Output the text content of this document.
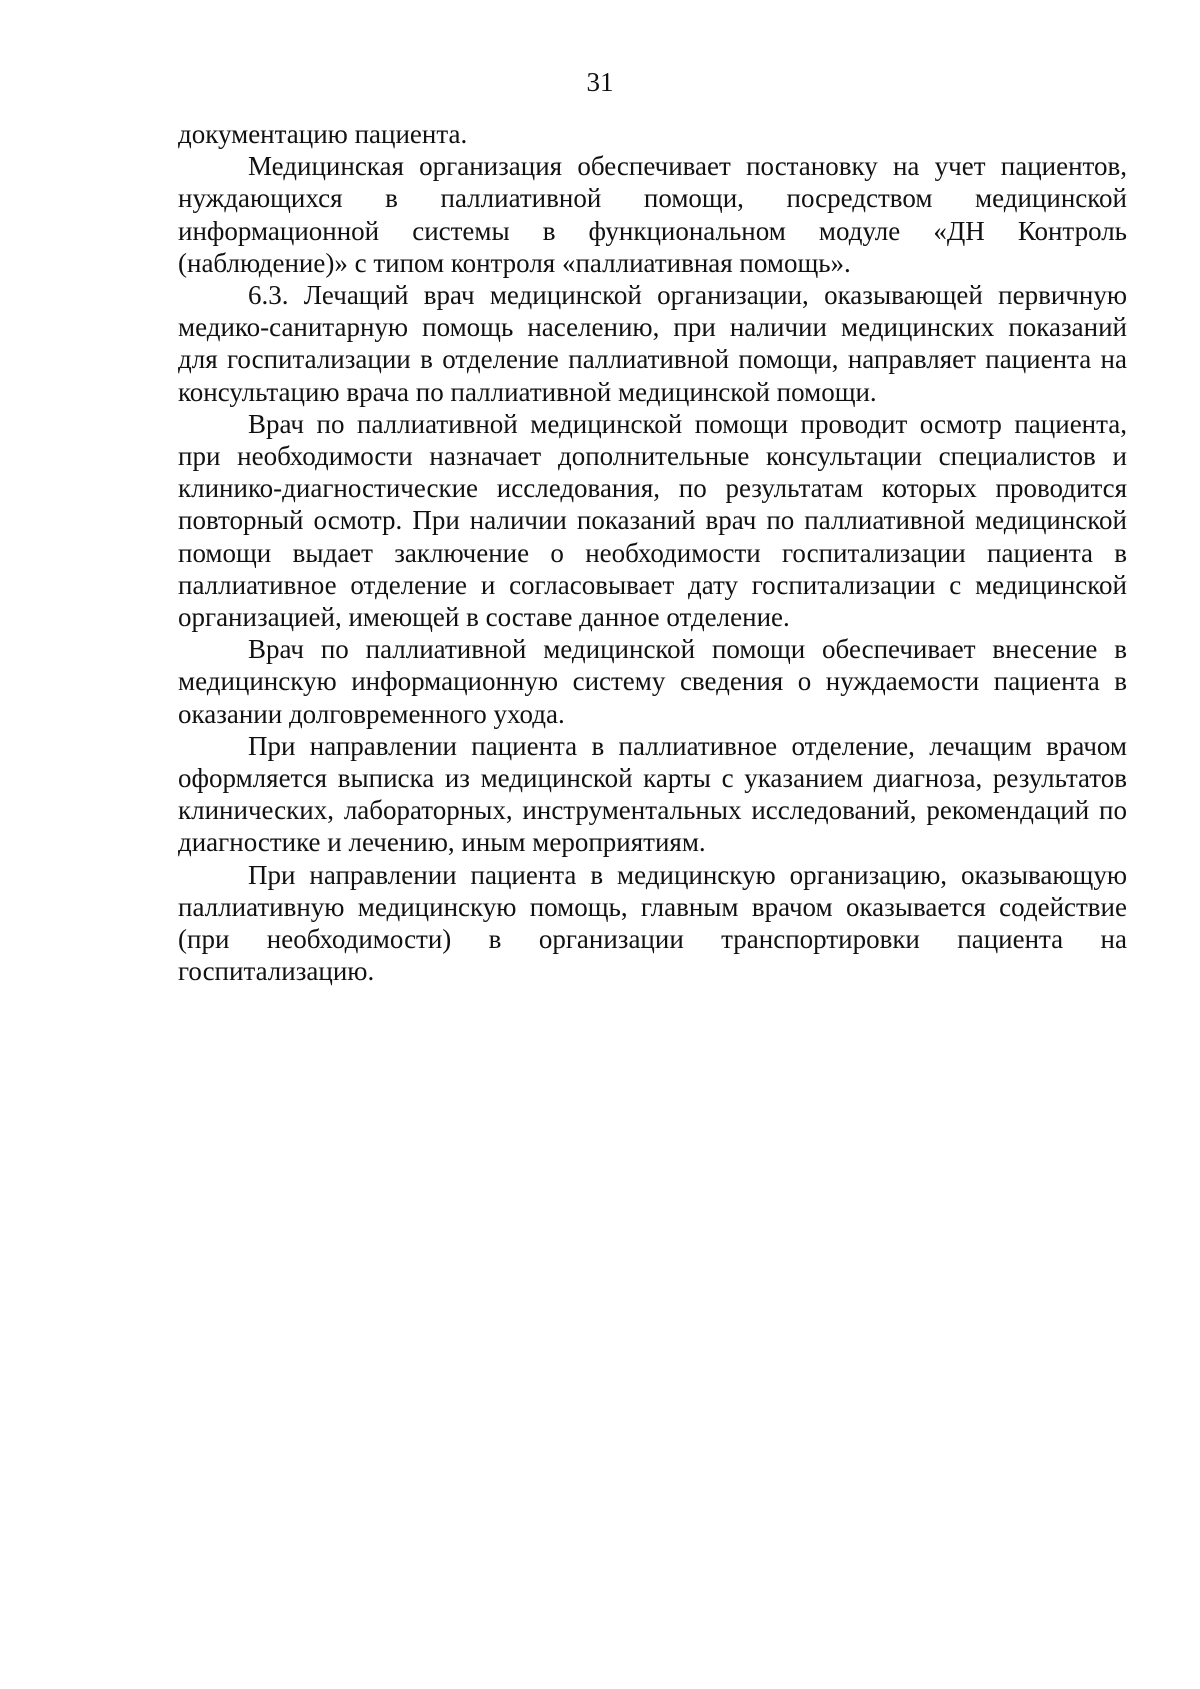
31

документацию пациента.

Медицинская организация обеспечивает постановку на учет пациентов, нуждающихся в паллиативной помощи, посредством медицинской информационной системы в функциональном модуле «ДН Контроль (наблюдение)» с типом контроля «паллиативная помощь».

6.3. Лечащий врач медицинской организации, оказывающей первичную медико-санитарную помощь населению, при наличии медицинских показаний для госпитализации в отделение паллиативной помощи, направляет пациента на консультацию врача по паллиативной медицинской помощи.

Врач по паллиативной медицинской помощи проводит осмотр пациента, при необходимости назначает дополнительные консультации специалистов и клинико-диагностические исследования, по результатам которых проводится повторный осмотр. При наличии показаний врач по паллиативной медицинской помощи выдает заключение о необходимости госпитализации пациента в паллиативное отделение и согласовывает дату госпитализации с медицинской организацией, имеющей в составе данное отделение.

Врач по паллиативной медицинской помощи обеспечивает внесение в медицинскую информационную систему сведения о нуждаемости пациента в оказании долговременного ухода.

При направлении пациента в паллиативное отделение, лечащим врачом оформляется выписка из медицинской карты с указанием диагноза, результатов клинических, лабораторных, инструментальных исследований, рекомендаций по диагностике и лечению, иным мероприятиям.

При направлении пациента в медицинскую организацию, оказывающую паллиативную медицинскую помощь, главным врачом оказывается содействие (при необходимости) в организации транспортировки пациента на госпитализацию.
